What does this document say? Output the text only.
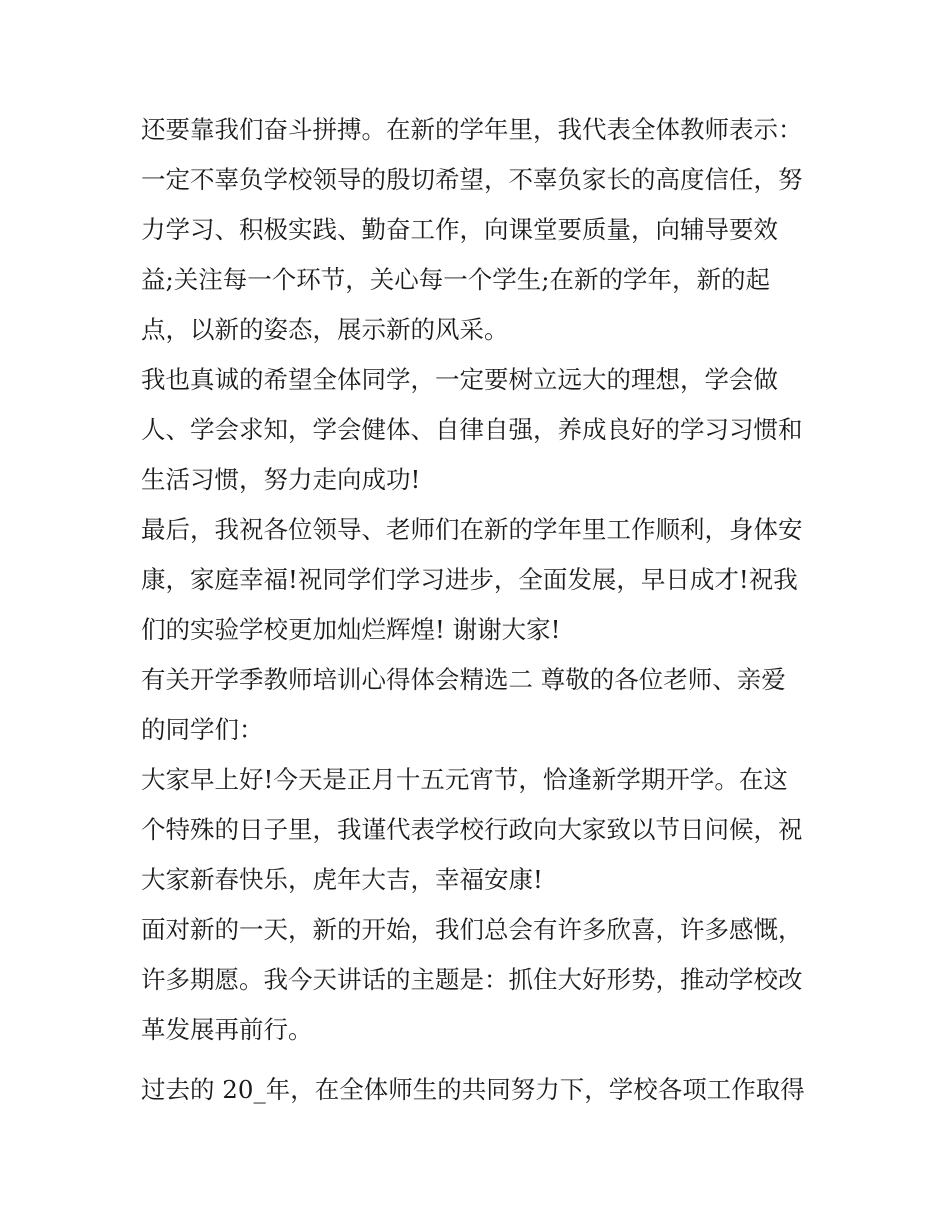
还要靠我们奋斗拼搏。在新的学年里，我代表全体教师表示：
一定不辜负学校领导的殷切希望，不辜负家长的高度信任，努
力学习、积极实践、勤奋工作，向课堂要质量，向辅导要效
益;关注每一个环节，关心每一个学生;在新的学年，新的起
点，以新的姿态，展示新的风采。
我也真诚的希望全体同学，一定要树立远大的理想，学会做
人、学会求知，学会健体、自律自强，养成良好的学习习惯和
生活习惯，努力走向成功!
最后，我祝各位领导、老师们在新的学年里工作顺利，身体安
康，家庭幸福!祝同学们学习进步，全面发展，早日成才!祝我
们的实验学校更加灿烂辉煌! 谢谢大家!
有关开学季教师培训心得体会精选二 尊敬的各位老师、亲爱
的同学们：
大家早上好!今天是正月十五元宵节，恰逢新学期开学。在这
个特殊的日子里，我谨代表学校行政向大家致以节日问候，祝
大家新春快乐，虎年大吉，幸福安康!
面对新的一天，新的开始，我们总会有许多欣喜，许多感慨，
许多期愿。我今天讲话的主题是：抓住大好形势，推动学校改
革发展再前行。
过去的 20_年，在全体师生的共同努力下，学校各项工作取得
